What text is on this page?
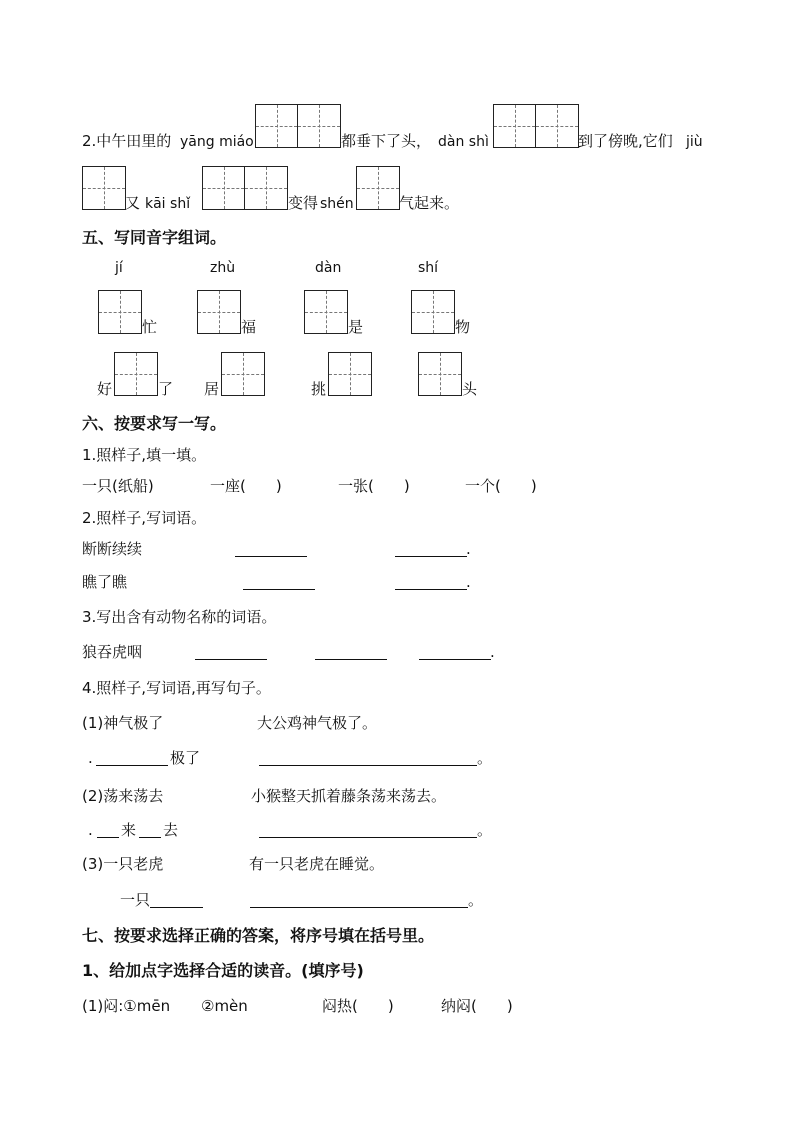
2.中午田里的 yāng miáo	都垂下了头， dàn shì	到了傍晚,它们 jiù
又 kāi shǐ	变得 shén	气起来。
五、写同音字组词。
jí	zhù	dàn	shí
忙	福	是	物
好	了 居	挑	头
六、按要求写一写。
1.照样子,填一填。
一只(纸船)	一座(　　)	一张(　　)	一个(　　)
2.照样子,写词语。
断断续续	.
瞧了瞧	.
3.写出含有动物名称的词语。
狼吞虎咽	.
4.照样子,写词语,再写句子。
(1)神气极了	大公鸡神气极了。
.	极了	。
(2)荡来荡去	小猴整天抓着藤条荡来荡去。
. 来 去	。
(3)一只老虎	有一只老虎在睡觉。
一只	。
七、按要求选择正确的答案，将序号填在括号里。
1、给加点字选择合适的读音。(填序号)
(1)闷:①mēn ②mèn	闷热(　　)	纳闷(　　)
